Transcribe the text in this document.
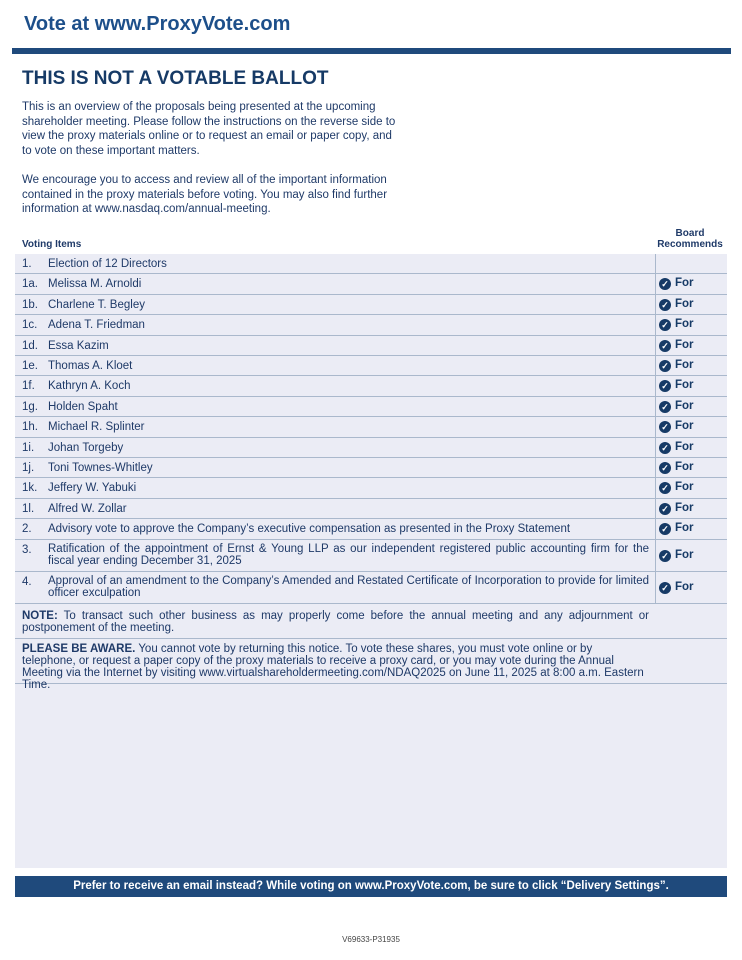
Vote at www.ProxyVote.com
THIS IS NOT A VOTABLE BALLOT

This is an overview of the proposals being presented at the upcoming shareholder meeting. Please follow the instructions on the reverse side to view the proxy materials online or to request an email or paper copy, and to vote on these important matters.

We encourage you to access and review all of the important information contained in the proxy materials before voting. You may also find further information at www.nasdaq.com/annual-meeting.

Voting Items
Board
Recommends
1. Election of 12 Directors
1a. Melissa M. Arnoldi	✓ For
1b. Charlene T. Begley	✓ For
1c. Adena T. Friedman	✓ For
1d. Essa Kazim	✓ For
1e. Thomas A. Kloet	✓ For
1f. Kathryn A. Koch	✓ For
1g. Holden Spaht	✓ For
1h. Michael R. Splinter	✓ For
1i. Johan Torgeby	✓ For
1j. Toni Townes-Whitley	✓ For
1k. Jeffery W. Yabuki	✓ For
1l. Alfred W. Zollar	✓ For
2. Advisory vote to approve the Company’s executive compensation as presented in the Proxy Statement	✓ For
3. Ratification of the appointment of Ernst & Young LLP as our independent registered public accounting firm for the fiscal year ending December 31, 2025	✓ For
4. Approval of an amendment to the Company’s Amended and Restated Certificate of Incorporation to provide for limited officer exculpation	✓ For
NOTE: To transact such other business as may properly come before the annual meeting and any adjournment or postponement of the meeting.
PLEASE BE AWARE. You cannot vote by returning this notice. To vote these shares, you must vote online or by telephone, or request a paper copy of the proxy materials to receive a proxy card, or you may vote during the Annual Meeting via the Internet by visiting www.virtualshareholdermeeting.com/NDAQ2025 on June 11, 2025 at 8:00 a.m. Eastern Time.
Prefer to receive an email instead? While voting on www.ProxyVote.com, be sure to click “Delivery Settings”.
V69633-P31935
